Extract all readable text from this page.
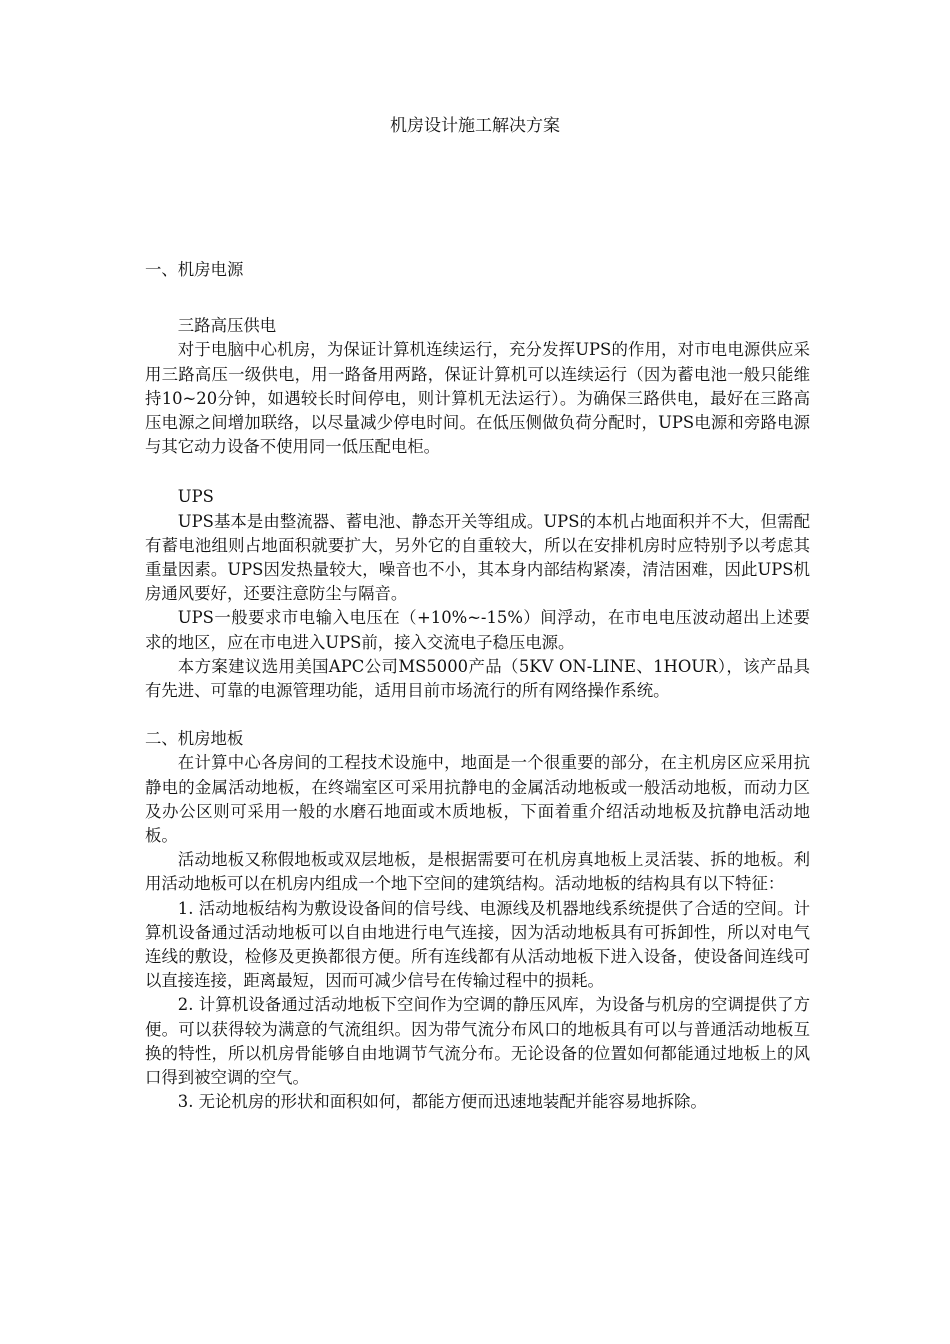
机房设计施工解决方案

一、机房电源

三路高压供电

对于电脑中心机房，为保证计算机连续运行，充分发挥UPS的作用，对市电电源供应采用三路高压一级供电，用一路备用两路，保证计算机可以连续运行（因为蓄电池一般只能维持10~20分钟，如遇较长时间停电，则计算机无法运行）。为确保三路供电，最好在三路高压电源之间增加联络，以尽量减少停电时间。在低压侧做负荷分配时，UPS电源和旁路电源与其它动力设备不使用同一低压配电柜。

UPS

UPS基本是由整流器、蓄电池、静态开关等组成。UPS的本机占地面积并不大，但需配有蓄电池组则占地面积就要扩大，另外它的自重较大，所以在安排机房时应特别予以考虑其重量因素。UPS因发热量较大，噪音也不小，其本身内部结构紧凑，清洁困难，因此UPS机房通风要好，还要注意防尘与隔音。

UPS一般要求市电输入电压在（+10%~-15%）间浮动，在市电电压波动超出上述要求的地区，应在市电进入UPS前，接入交流电子稳压电源。

本方案建议选用美国APC公司MS5000产品（5KV ON-LINE、1HOUR），该产品具有先进、可靠的电源管理功能，适用目前市场流行的所有网络操作系统。

二、机房地板

在计算中心各房间的工程技术设施中，地面是一个很重要的部分，在主机房区应采用抗静电的金属活动地板，在终端室区可采用抗静电的金属活动地板或一般活动地板，而动力区及办公区则可采用一般的水磨石地面或木质地板，下面着重介绍活动地板及抗静电活动地板。

活动地板又称假地板或双层地板，是根据需要可在机房真地板上灵活装、拆的地板。利用活动地板可以在机房内组成一个地下空间的建筑结构。活动地板的结构具有以下特征：

1. 活动地板结构为敷设设备间的信号线、电源线及机器地线系统提供了合适的空间。计算机设备通过活动地板可以自由地进行电气连接，因为活动地板具有可拆卸性，所以对电气连线的敷设，检修及更换都很方便。所有连线都有从活动地板下进入设备，使设备间连线可以直接连接，距离最短，因而可减少信号在传输过程中的损耗。

2. 计算机设备通过活动地板下空间作为空调的静压风库，为设备与机房的空调提供了方便。可以获得较为满意的气流组织。因为带气流分布风口的地板具有可以与普通活动地板互换的特性，所以机房骨能够自由地调节气流分布。无论设备的位置如何都能通过地板上的风口得到被空调的空气。

3. 无论机房的形状和面积如何，都能方便而迅速地装配并能容易地拆除。
